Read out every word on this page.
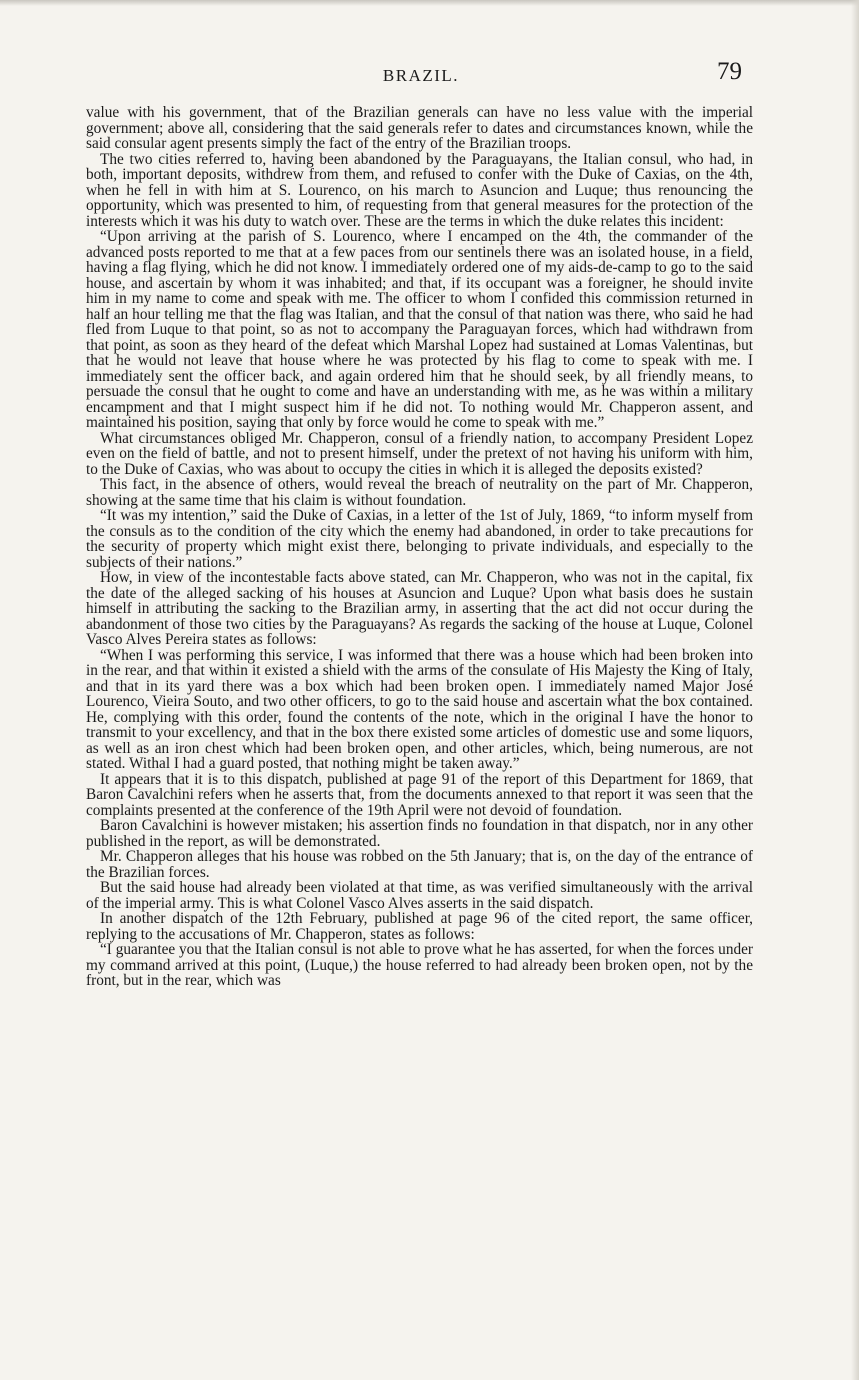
BRAZIL.	79

value with his government, that of the Brazilian generals can have no less value with the imperial government; above all, considering that the said generals refer to dates and circumstances known, while the said consular agent presents simply the fact of the entry of the Brazilian troops.

The two cities referred to, having been abandoned by the Paraguayans, the Italian consul, who had, in both, important deposits, withdrew from them, and refused to confer with the Duke of Caxias, on the 4th, when he fell in with him at S. Lourenco, on his march to Asuncion and Luque; thus renouncing the opportunity, which was presented to him, of requesting from that general measures for the protection of the interests which it was his duty to watch over. These are the terms in which the duke relates this incident:

“Upon arriving at the parish of S. Lourenco, where I encamped on the 4th, the commander of the advanced posts reported to me that at a few paces from our sentinels there was an isolated house, in a field, having a flag flying, which he did not know. I immediately ordered one of my aids-de-camp to go to the said house, and ascertain by whom it was inhabited; and that, if its occupant was a foreigner, he should invite him in my name to come and speak with me. The officer to whom I confided this commission returned in half an hour telling me that the flag was Italian, and that the consul of that nation was there, who said he had fled from Luque to that point, so as not to accompany the Paraguayan forces, which had withdrawn from that point, as soon as they heard of the defeat which Marshal Lopez had sustained at Lomas Valentinas, but that he would not leave that house where he was protected by his flag to come to speak with me. I immediately sent the officer back, and again ordered him that he should seek, by all friendly means, to persuade the consul that he ought to come and have an understanding with me, as he was within a military encampment and that I might suspect him if he did not. To nothing would Mr. Chapperon assent, and maintained his position, saying that only by force would he come to speak with me.”

What circumstances obliged Mr. Chapperon, consul of a friendly nation, to accompany President Lopez even on the field of battle, and not to present himself, under the pretext of not having his uniform with him, to the Duke of Caxias, who was about to occupy the cities in which it is alleged the deposits existed?

This fact, in the absence of others, would reveal the breach of neutrality on the part of Mr. Chapperon, showing at the same time that his claim is without foundation.

“It was my intention,” said the Duke of Caxias, in a letter of the 1st of July, 1869, “to inform myself from the consuls as to the condition of the city which the enemy had abandoned, in order to take precautions for the security of property which might exist there, belonging to private individuals, and especially to the subjects of their nations.”

How, in view of the incontestable facts above stated, can Mr. Chapperon, who was not in the capital, fix the date of the alleged sacking of his houses at Asuncion and Luque? Upon what basis does he sustain himself in attributing the sacking to the Brazilian army, in asserting that the act did not occur during the abandonment of those two cities by the Paraguayans? As regards the sacking of the house at Luque, Colonel Vasco Alves Pereira states as follows:

“When I was performing this service, I was informed that there was a house which had been broken into in the rear, and that within it existed a shield with the arms of the consulate of His Majesty the King of Italy, and that in its yard there was a box which had been broken open. I immediately named Major José Lourenco, Vieira Souto, and two other officers, to go to the said house and ascertain what the box contained. He, complying with this order, found the contents of the note, which in the original I have the honor to transmit to your excellency, and that in the box there existed some articles of domestic use and some liquors, as well as an iron chest which had been broken open, and other articles, which, being numerous, are not stated. Withal I had a guard posted, that nothing might be taken away.”

It appears that it is to this dispatch, published at page 91 of the report of this Department for 1869, that Baron Cavalchini refers when he asserts that, from the documents annexed to that report it was seen that the complaints presented at the conference of the 19th April were not devoid of foundation.

Baron Cavalchini is however mistaken; his assertion finds no foundation in that dispatch, nor in any other published in the report, as will be demonstrated.

Mr. Chapperon alleges that his house was robbed on the 5th January; that is, on the day of the entrance of the Brazilian forces.

But the said house had already been violated at that time, as was verified simultaneously with the arrival of the imperial army. This is what Colonel Vasco Alves asserts in the said dispatch.

In another dispatch of the 12th February, published at page 96 of the cited report, the same officer, replying to the accusations of Mr. Chapperon, states as follows:

“I guarantee you that the Italian consul is not able to prove what he has asserted, for when the forces under my command arrived at this point, (Luque,) the house referred to had already been broken open, not by the front, but in the rear, which was
